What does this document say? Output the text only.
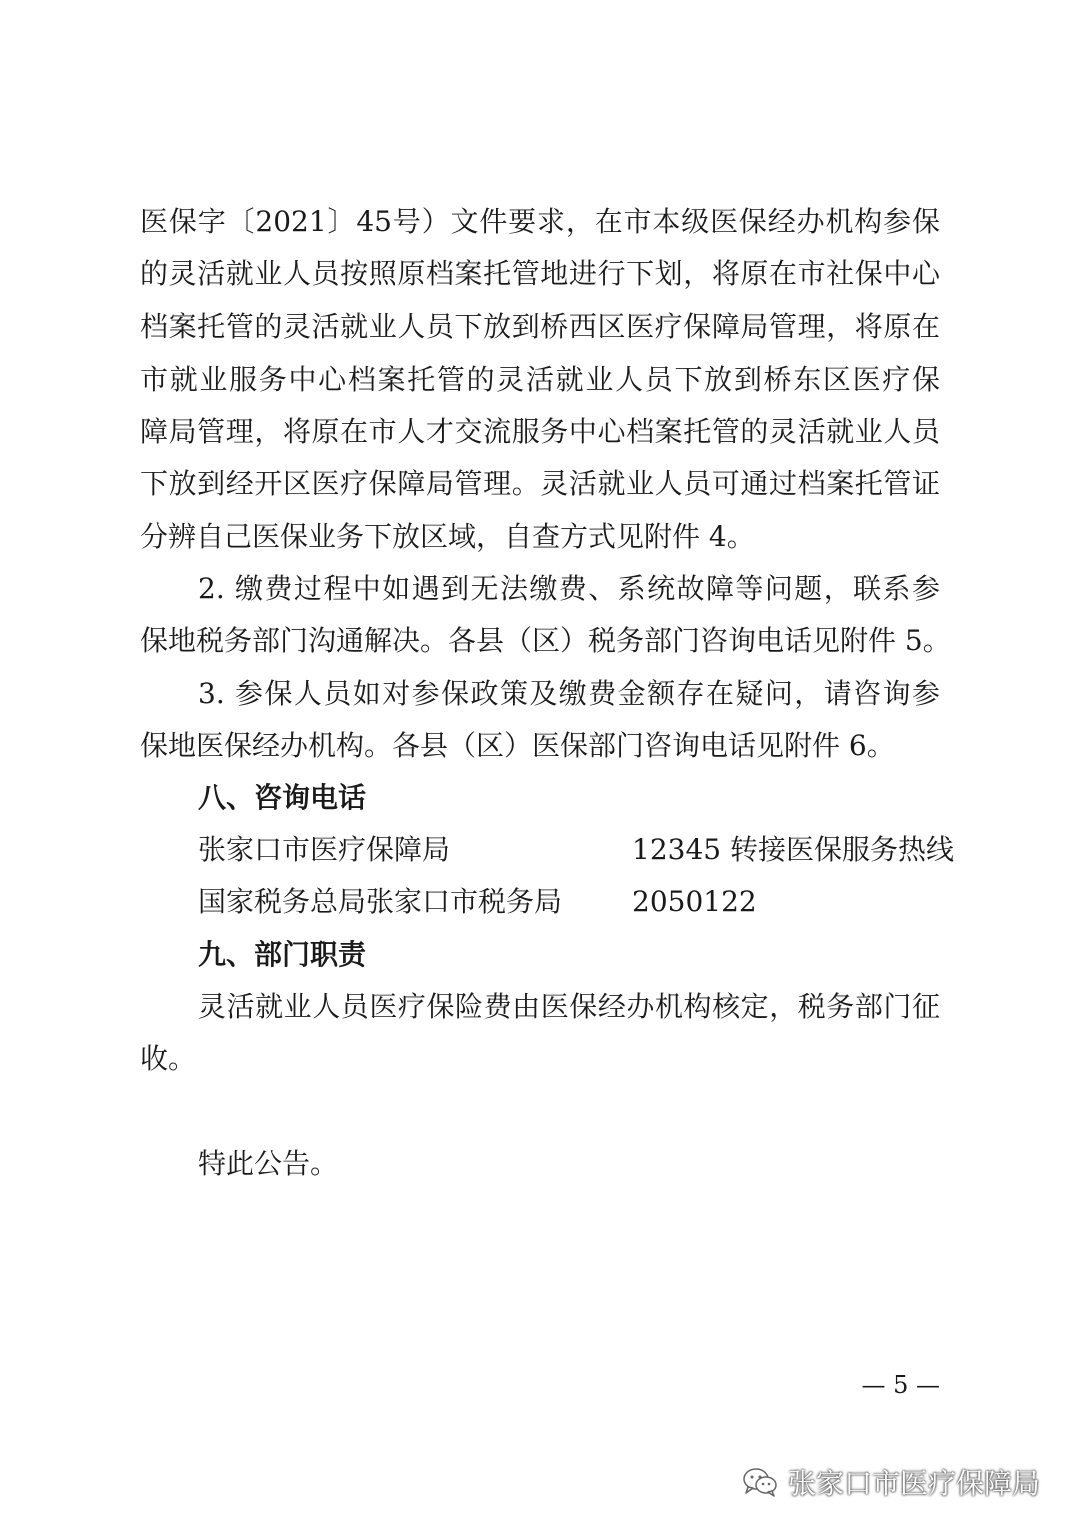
医保字〔2021〕45号）文件要求，在市本级医保经办机构参保
的灵活就业人员按照原档案托管地进行下划，将原在市社保中心
档案托管的灵活就业人员下放到桥西区医疗保障局管理，将原在
市就业服务中心档案托管的灵活就业人员下放到桥东区医疗保
障局管理，将原在市人才交流服务中心档案托管的灵活就业人员
下放到经开区医疗保障局管理。灵活就业人员可通过档案托管证
分辨自己医保业务下放区域，自查方式见附件 4。
2. 缴费过程中如遇到无法缴费、系统故障等问题，联系参
保地税务部门沟通解决。各县（区）税务部门咨询电话见附件 5。
3. 参保人员如对参保政策及缴费金额存在疑问，请咨询参
保地医保经办机构。各县（区）医保部门咨询电话见附件 6。
八、咨询电话
张家口市医疗保障局	12345 转接医保服务热线
国家税务总局张家口市税务局 2050122
九、部门职责
灵活就业人员医疗保险费由医保经办机构核定，税务部门征
收。
特此公告。
— 5 —
张家口市医疗保障局
